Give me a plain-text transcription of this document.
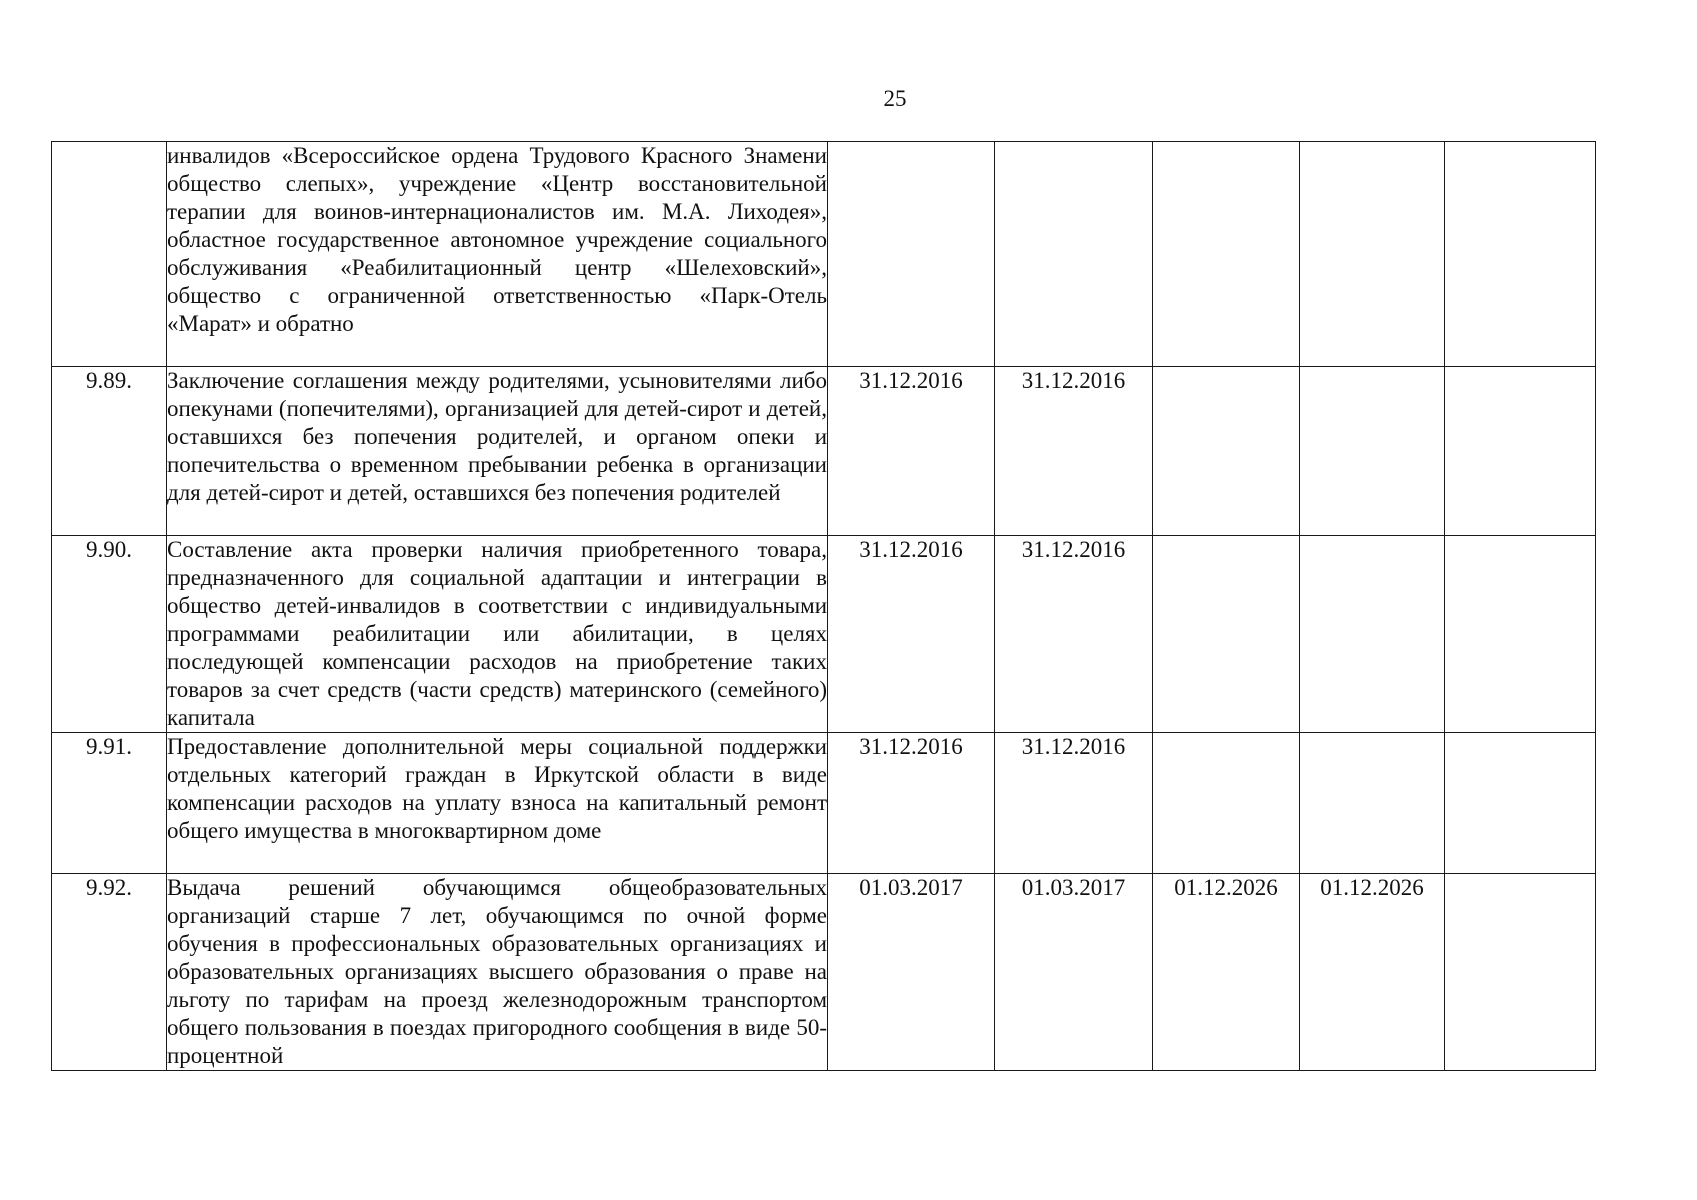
25
	инвалидов «Всероссийское ордена Трудового Красного Знамени общество слепых», учреждение «Центр восстановительной терапии для воинов-интернационалистов им. М.А. Лиходея», областное государственное автономное учреждение социального обслуживания «Реабилитационный центр «Шелеховский», общество с ограниченной ответственностью «Парк-Отель «Марат» и обратно					
9.89.	Заключение соглашения между родителями, усыновителями либо опекунами (попечителями), организацией для детей-сирот и детей, оставшихся без попечения родителей, и органом опеки и попечительства о временном пребывании ребенка в организации для детей-сирот и детей, оставшихся без попечения родителей	31.12.2016	31.12.2016			
9.90.	Составление акта проверки наличия приобретенного товара, предназначенного для социальной адаптации и интеграции в общество детей-инвалидов в соответствии с индивидуальными программами реабилитации или абилитации, в целях последующей компенсации расходов на приобретение таких товаров за счет средств (части средств) материнского (семейного) капитала	31.12.2016	31.12.2016			
9.91.	Предоставление дополнительной меры социальной поддержки отдельных категорий граждан в Иркутской области в виде компенсации расходов на уплату взноса на капитальный ремонт общего имущества в многоквартирном доме	31.12.2016	31.12.2016			
9.92.	Выдача решений обучающимся общеобразовательных организаций старше 7 лет, обучающимся по очной форме обучения в профессиональных образовательных организациях и образовательных организациях высшего образования о праве на льготу по тарифам на проезд железнодорожным транспортом общего пользования в поездах пригородного сообщения в виде 50-процентной	01.03.2017	01.03.2017	01.12.2026	01.12.2026	
